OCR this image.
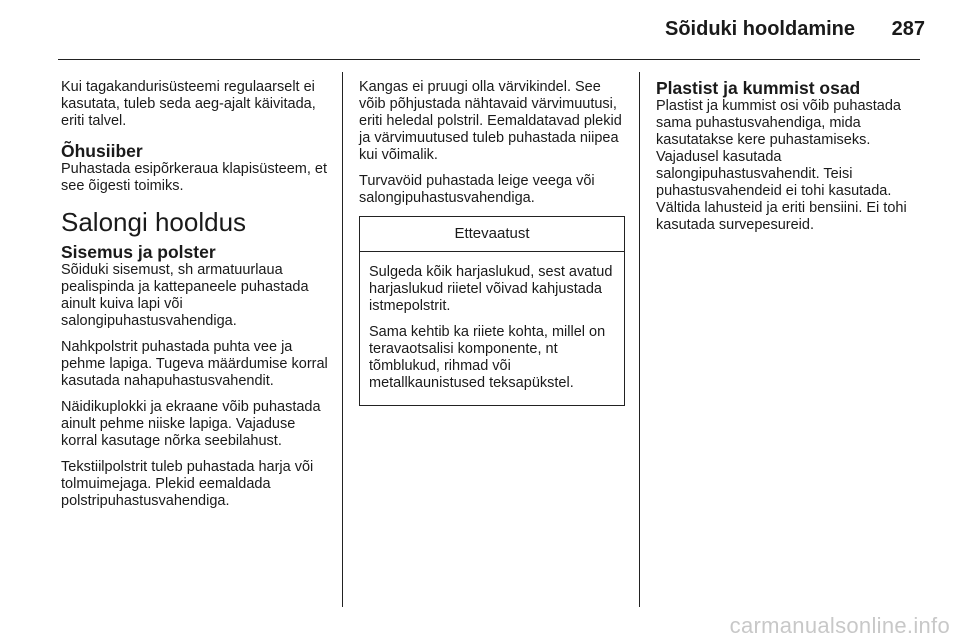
Sõiduki hooldamine	287

Kui tagakandurisüsteemi regulaarselt ei kasutata, tuleb seda aeg-ajalt käivitada, eriti talvel.

Õhusiiber

Puhastada esipõrkeraua klapisüsteem, et see õigesti toimiks.

Salongi hooldus
Sisemus ja polster

Sõiduki sisemust, sh armatuurlaua pealispinda ja kattepaneele puhastada ainult kuiva lapi või salongipuhastusvahendiga.

Nahkpolstrit puhastada puhta vee ja pehme lapiga. Tugeva määrdumise korral kasutada nahapuhastusvahendit.

Näidikuplokki ja ekraane võib puhastada ainult pehme niiske lapiga. Vajaduse korral kasutage nõrka seebilahust.

Tekstiilpolstrit tuleb puhastada harja või tolmuimejaga. Plekid eemaldada polstripuhastusvahendiga.

Kangas ei pruugi olla värvikindel. See võib põhjustada nähtavaid värvimuutusi, eriti heledal polstril. Eemaldatavad plekid ja värvimuutused tuleb puhastada niipea kui võimalik.

Turvavöid puhastada leige veega või salongipuhastusvahendiga.

Ettevaatust

Sulgeda kõik harjaslukud, sest avatud harjaslukud riietel võivad kahjustada istmepolstrit.

Sama kehtib ka riiete kohta, millel on teravaotsalisi komponente, nt tõmblukud, rihmad või metallkaunistused teksapükstel.

Plastist ja kummist osad

Plastist ja kummist osi võib puhastada sama puhastusvahendiga, mida kasutatakse kere puhastamiseks. Vajadusel kasutada salongipuhastusvahendit. Teisi puhastusvahendeid ei tohi kasutada. Vältida lahusteid ja eriti bensiini. Ei tohi kasutada survepesureid.

carmanualsonline.info
